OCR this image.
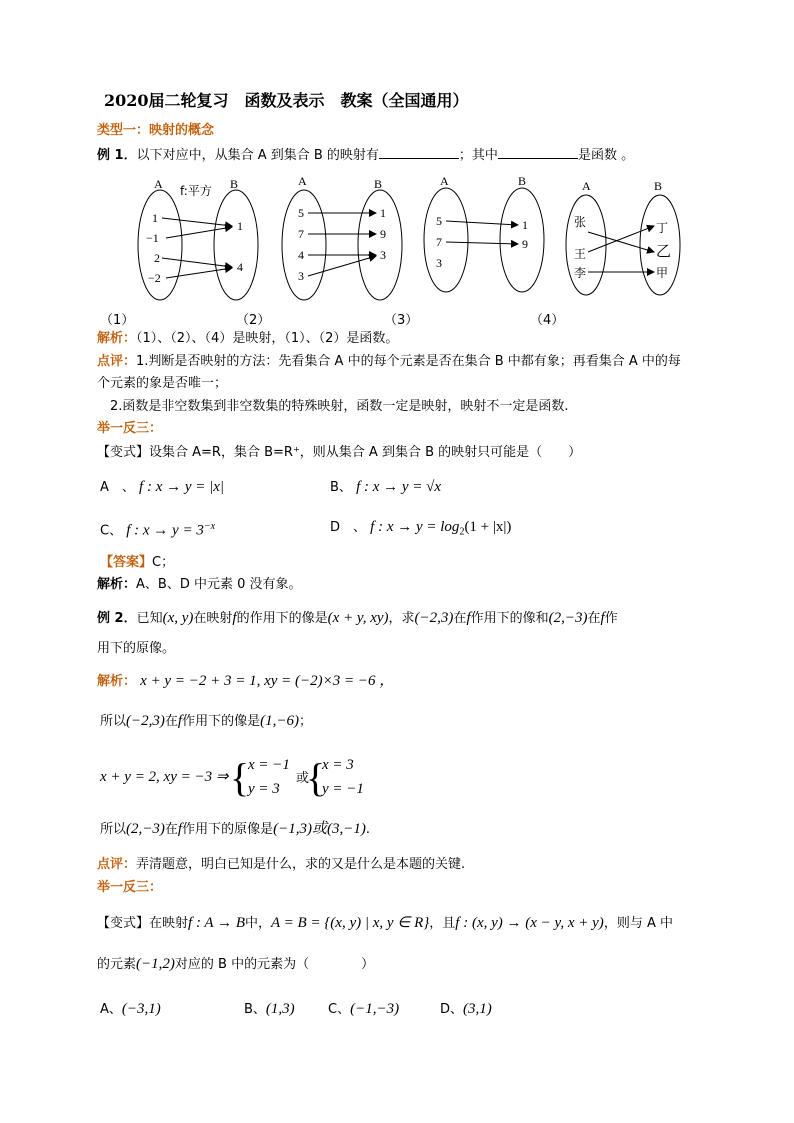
2020届二轮复习　函数及表示　教案（全国通用）
类型一：映射的概念
例 1．以下对应中，从集合 A 到集合 B 的映射有	；其中	是函数 。
A f:平方 B
1
−1
2
−2
1
4
A	B
5
7
4
3
1
9
3
A	B
5
7
3
1
9
A	B
张
王
李
丁
乙
甲
（1）	（2）	（3）	（4）
解析：（1）、（2）、（4）是映射，（1）、（2）是函数。
点评：1.判断是否映射的方法：先看集合 A 中的每个元素是否在集合 B 中都有象；再看集合 A 中的每
个元素的象是否唯一；
2.函数是非空数集到非空数集的特殊映射，函数一定是映射，映射不一定是函数.
举一反三：
【变式】设集合 A=R，集合 B=R⁺，则从集合 A 到集合 B 的映射只可能是（　　）
A　、 f : x → y = |x|	B、 f : x → y = √x
C、 f : $x \to y = 3^{-x}$	D　、 f : $x \to y = \log_2(1 + |x|)$
【答案】C；
解析：A、B、D 中元素 0 没有象。
例 2．已知(x, y)在映射f的作用下的像是(x + y, xy)，求(−2,3)在f作用下的像和(2,−3)在f作
用下的原像。
解析： x + y = −2 + 3 = 1, xy = (−2)×3 = −6 ，
所以(−2,3)在f作用下的像是(1,−6)；
x + y = 2, xy = −3 ⇒ {
x = −1
y = 3
或
{
x = 3
y = −1
所以(2,−3)在f作用下的原像是(−1,3)或(3,−1).
点评：弄清题意，明白已知是什么，求的又是什么是本题的关键.
举一反三：
【变式】在映射f : A → B中，A = B = {(x, y) | x, y ∈ R}，且f : (x, y) → (x − y, x + y)，则与 A 中
的元素(−1,2)对应的 B 中的元素为（　　　　）
A、(−3,1)	B、(1,3)	C、(−1,−3)	D、(3,1)
